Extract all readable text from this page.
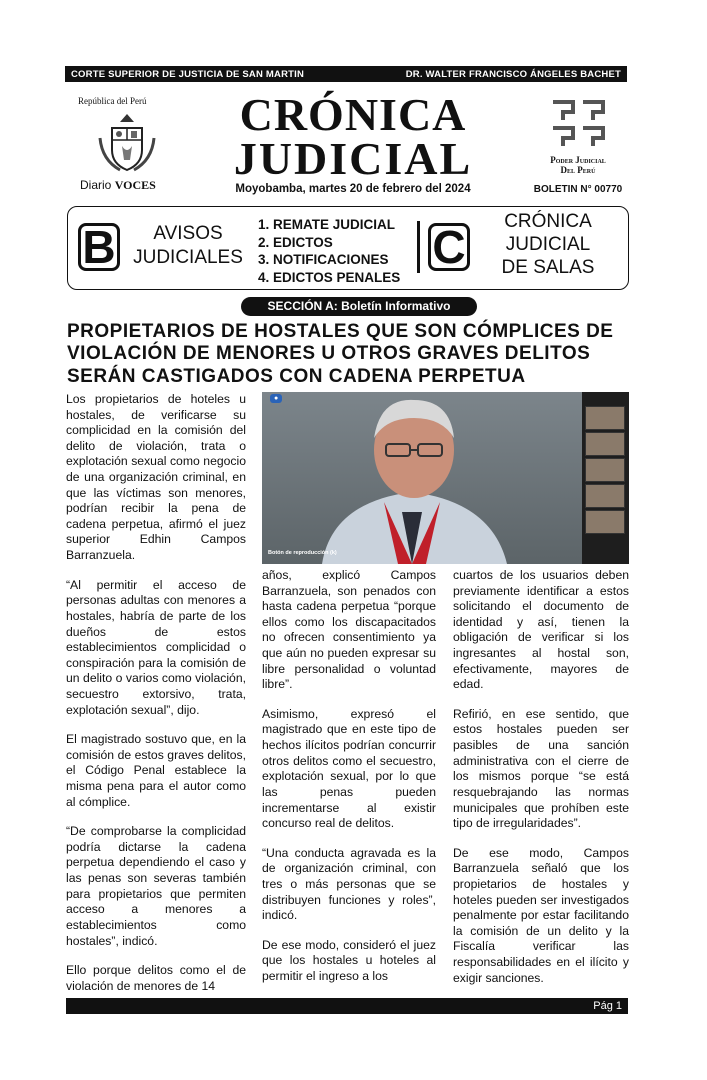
CORTE SUPERIOR DE JUSTICIA DE SAN MARTIN	DR. WALTER FRANCISCO ÁNGELES BACHET
República del Perú
Diario VOCES
CRÓNICA
JUDICIAL
Moyobamba, martes 20 de febrero del 2024
Poder Judicial
Del Perú
BOLETIN N° 00770
B	AVISOS
JUDICIALES
1. REMATE JUDICIAL
2. EDICTOS
3. NOTIFICACIONES
4. EDICTOS PENALES
C	CRÓNICA
JUDICIAL
DE SALAS
SECCIÓN A: Boletín Informativo
PROPIETARIOS DE HOSTALES QUE SON CÓMPLICES DE VIOLACIÓN DE MENORES U OTROS GRAVES DELITOS SERÁN CASTIGADOS CON CADENA PERPETUA

Los propietarios de hoteles u hostales, de verificarse su complicidad en la comisión del delito de violación, trata o explotación sexual como negocio de una organización criminal, en que las víctimas son menores, podrían recibir la pena de cadena perpetua, afirmó el juez superior Edhin Campos Barranzuela.

“Al permitir el acceso de personas adultas con menores a hostales, habría de parte de los dueños de estos establecimientos complicidad o conspiración para la comisión de un delito o varios como violación, secuestro extorsivo, trata, explotación sexual”, dijo.

El magistrado sostuvo que, en la comisión de estos graves delitos, el Código Penal establece la misma pena para el autor como al cómplice.

“De comprobarse la complicidad podría dictarse la cadena perpetua dependiendo el caso y las penas son severas también para propietarios que permiten acceso a menores a establecimientos como hostales”, indicó.

Ello porque delitos como el de violación de menores de 14

●
Botón de reproducción (k)

años, explicó Campos Barranzuela, son penados con hasta cadena perpetua “porque ellos como los discapacitados no ofrecen consentimiento ya que aún no pueden expresar su libre personalidad o voluntad libre”.

Asimismo, expresó el magistrado que en este tipo de hechos ilícitos podrían concurrir otros delitos como el secuestro, explotación sexual, por lo que las penas pueden incrementarse al existir concurso real de delitos.

“Una conducta agravada es la de organización criminal, con tres o más personas que se distribuyen funciones y roles”, indicó.

De ese modo, consideró el juez que los hostales u hoteles al permitir el ingreso a los

cuartos de los usuarios deben previamente identificar a estos solicitando el documento de identidad y así, tienen la obligación de verificar si los ingresantes al hostal son, efectivamente, mayores de edad.

Refirió, en ese sentido, que estos hostales pueden ser pasibles de una sanción administrativa con el cierre de los mismos porque “se está resquebrajando las normas municipales que prohíben este tipo de irregularidades”.

De ese modo, Campos Barranzuela señaló que los propietarios de hostales y hoteles pueden ser investigados penalmente por estar facilitando la comisión de un delito y la Fiscalía verificar las responsabilidades en el ilícito y exigir sanciones.

Pág 1
